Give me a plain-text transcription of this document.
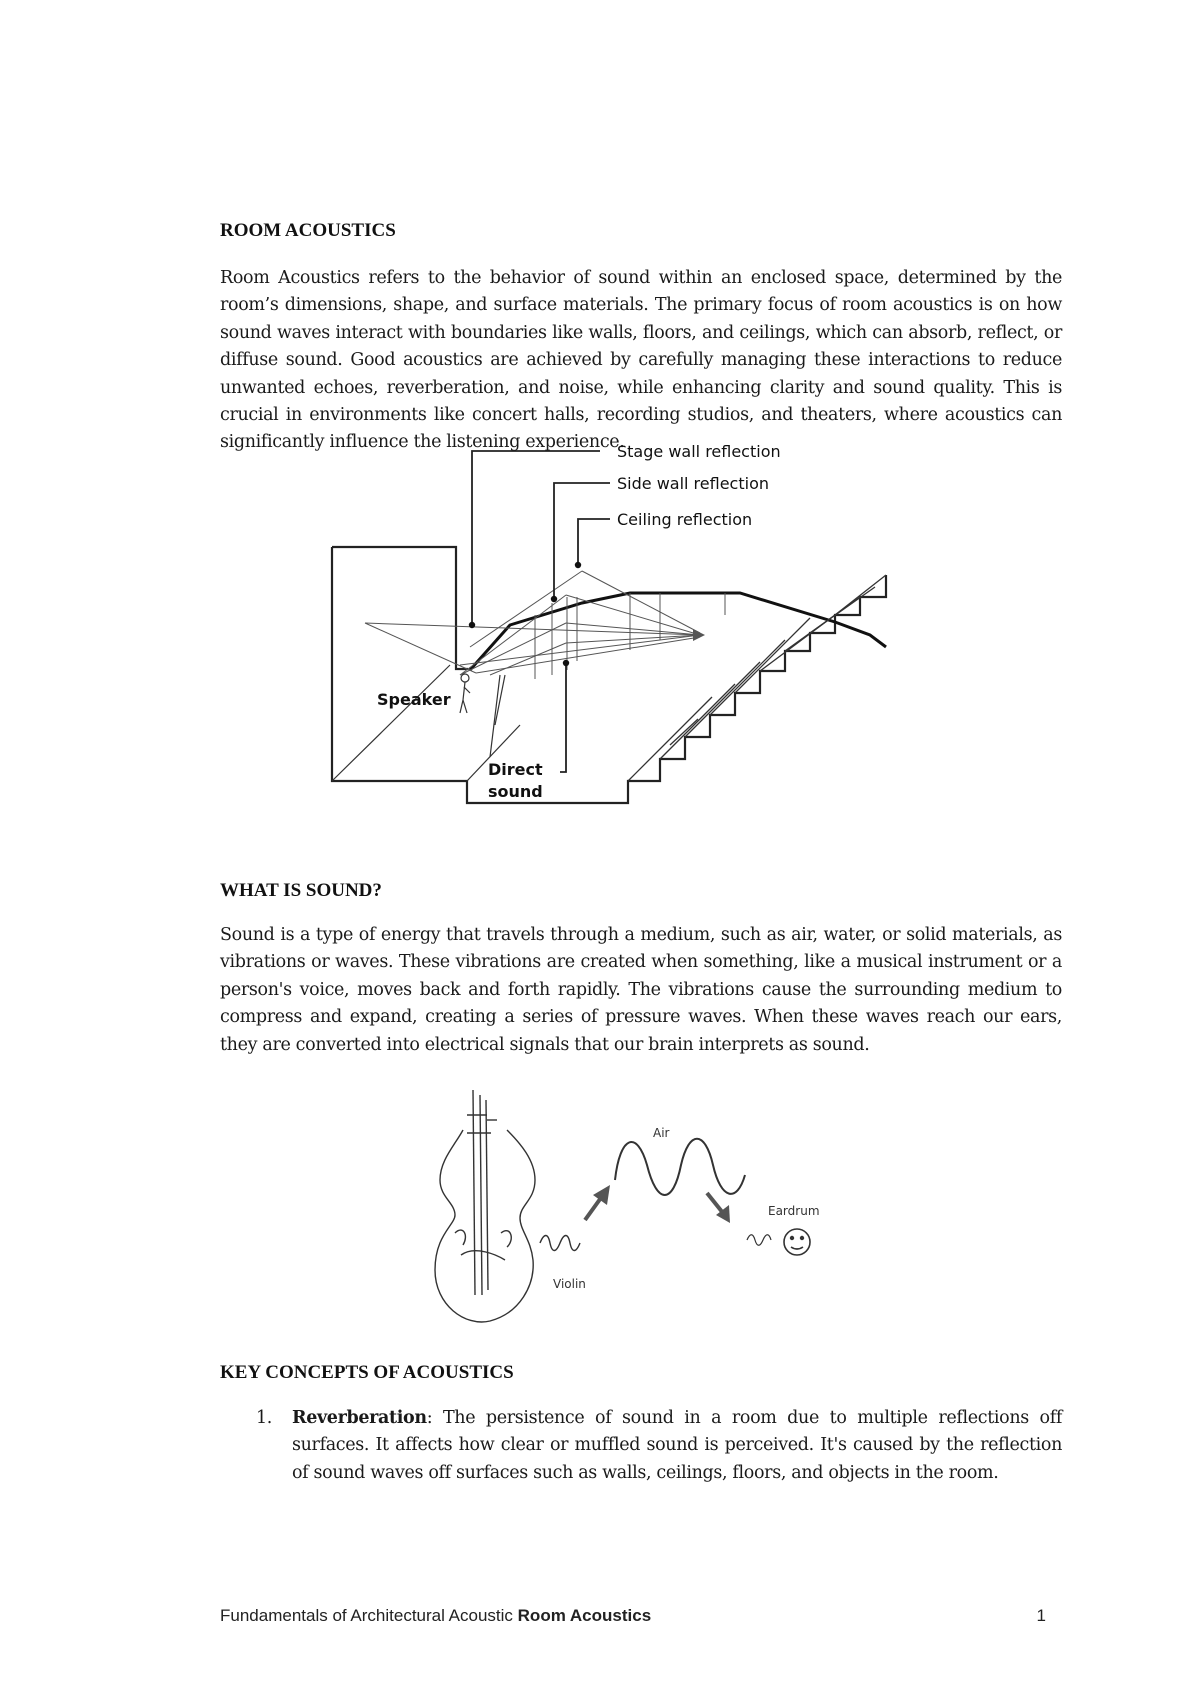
ROOM ACOUSTICS

Room Acoustics refers to the behavior of sound within an enclosed space, determined by the room’s dimensions, shape, and surface materials. The primary focus of room acoustics is on how sound waves interact with boundaries like walls, floors, and ceilings, which can absorb, reflect, or diffuse sound. Good acoustics are achieved by carefully managing these interactions to reduce unwanted echoes, reverberation, and noise, while enhancing clarity and sound quality. This is crucial in environments like concert halls, recording studios, and theaters, where acoustics can significantly influence the listening experience.

Stage wall reflection
Side wall reflection
Ceiling reflection
Speaker
Direct
sound
WHAT IS SOUND?

Sound is a type of energy that travels through a medium, such as air, water, or solid materials, as vibrations or waves. These vibrations are created when something, like a musical instrument or a person's voice, moves back and forth rapidly. The vibrations cause the surrounding medium to compress and expand, creating a series of pressure waves. When these waves reach our ears, they are converted into electrical signals that our brain interprets as sound.

Air
Eardrum
Violin
KEY CONCEPTS OF ACOUSTICS
1. Reverberation: The persistence of sound in a room due to multiple reflections off surfaces. It affects how clear or muffled sound is perceived. It's caused by the reflection of sound waves off surfaces such as walls, ceilings, floors, and objects in the room.
Fundamentals of Architectural Acoustic Room Acoustics	1
